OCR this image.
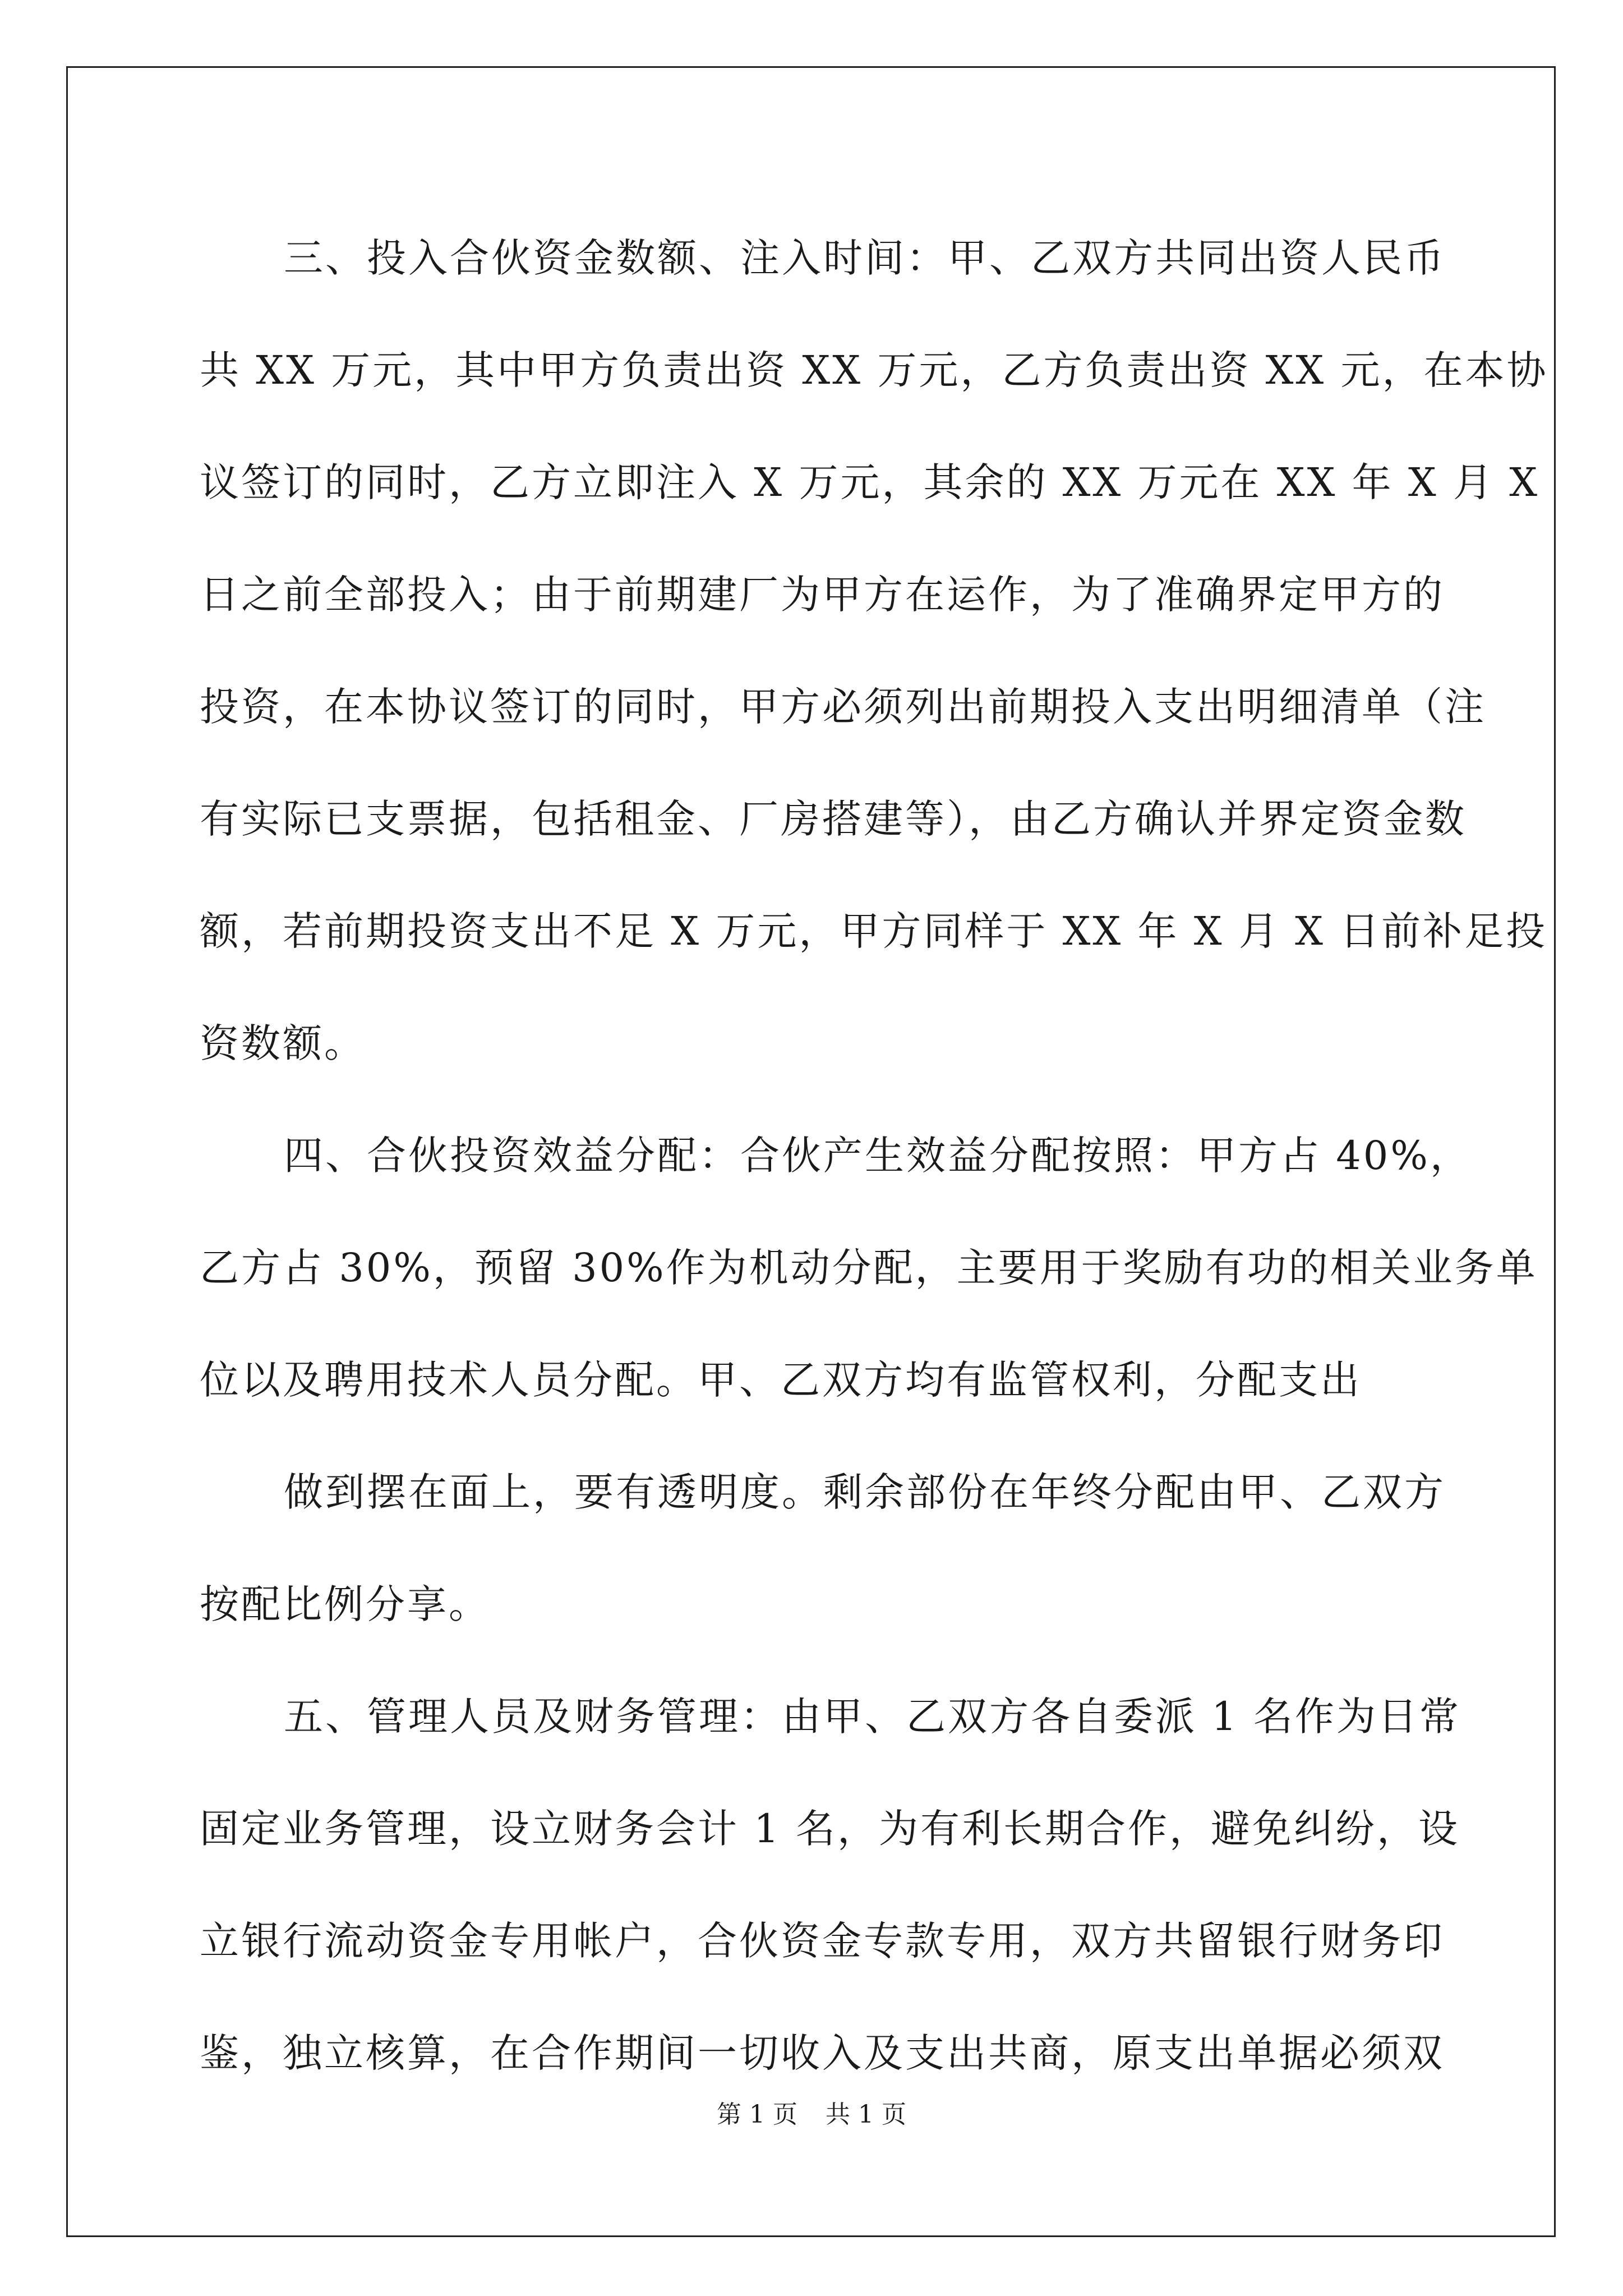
三、投入合伙资金数额、注入时间：甲、乙双方共同出资人民币
共 XX 万元，其中甲方负责出资 XX 万元，乙方负责出资 XX 元，在本协
议签订的同时，乙方立即注入 X 万元，其余的 XX 万元在 XX 年 X 月 X
日之前全部投入；由于前期建厂为甲方在运作，为了准确界定甲方的
投资，在本协议签订的同时，甲方必须列出前期投入支出明细清单（注
有实际已支票据，包括租金、厂房搭建等），由乙方确认并界定资金数
额，若前期投资支出不足 X 万元，甲方同样于 XX 年 X 月 X 日前补足投
资数额。
四、合伙投资效益分配：合伙产生效益分配按照：甲方占 40%，
乙方占 30%，预留 30%作为机动分配，主要用于奖励有功的相关业务单
位以及聘用技术人员分配。甲、乙双方均有监管权利，分配支出
做到摆在面上，要有透明度。剩余部份在年终分配由甲、乙双方
按配比例分享。
五、管理人员及财务管理：由甲、乙双方各自委派 1 名作为日常
固定业务管理，设立财务会计 1 名，为有利长期合作，避免纠纷，设
立银行流动资金专用帐户，合伙资金专款专用，双方共留银行财务印
鉴，独立核算，在合作期间一切收入及支出共商，原支出单据必须双
第 1 页 共 1 页
